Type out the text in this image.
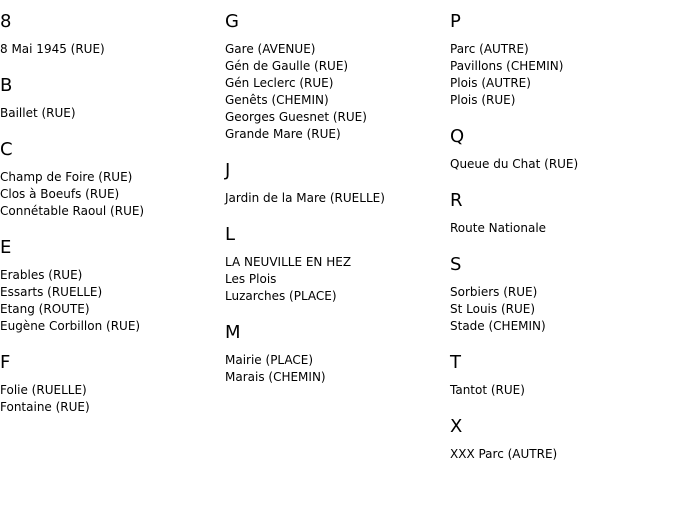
8
8 Mai 1945 (RUE)
B
Baillet (RUE)
C
Champ de Foire (RUE)
Clos à Boeufs (RUE)
Connétable Raoul (RUE)
E
Erables (RUE)
Essarts (RUELLE)
Etang (ROUTE)
Eugène Corbillon (RUE)
F
Folie (RUELLE)
Fontaine (RUE)
G
Gare (AVENUE)
Gén de Gaulle (RUE)
Gén Leclerc (RUE)
Genêts (CHEMIN)
Georges Guesnet (RUE)
Grande Mare (RUE)
J
Jardin de la Mare (RUELLE)
L
LA NEUVILLE EN HEZ
Les Plois
Luzarches (PLACE)
M
Mairie (PLACE)
Marais (CHEMIN)
P
Parc (AUTRE)
Pavillons (CHEMIN)
Plois (AUTRE)
Plois (RUE)
Q
Queue du Chat (RUE)
R
Route Nationale
S
Sorbiers (RUE)
St Louis (RUE)
Stade (CHEMIN)
T
Tantot (RUE)
X
XXX Parc (AUTRE)
